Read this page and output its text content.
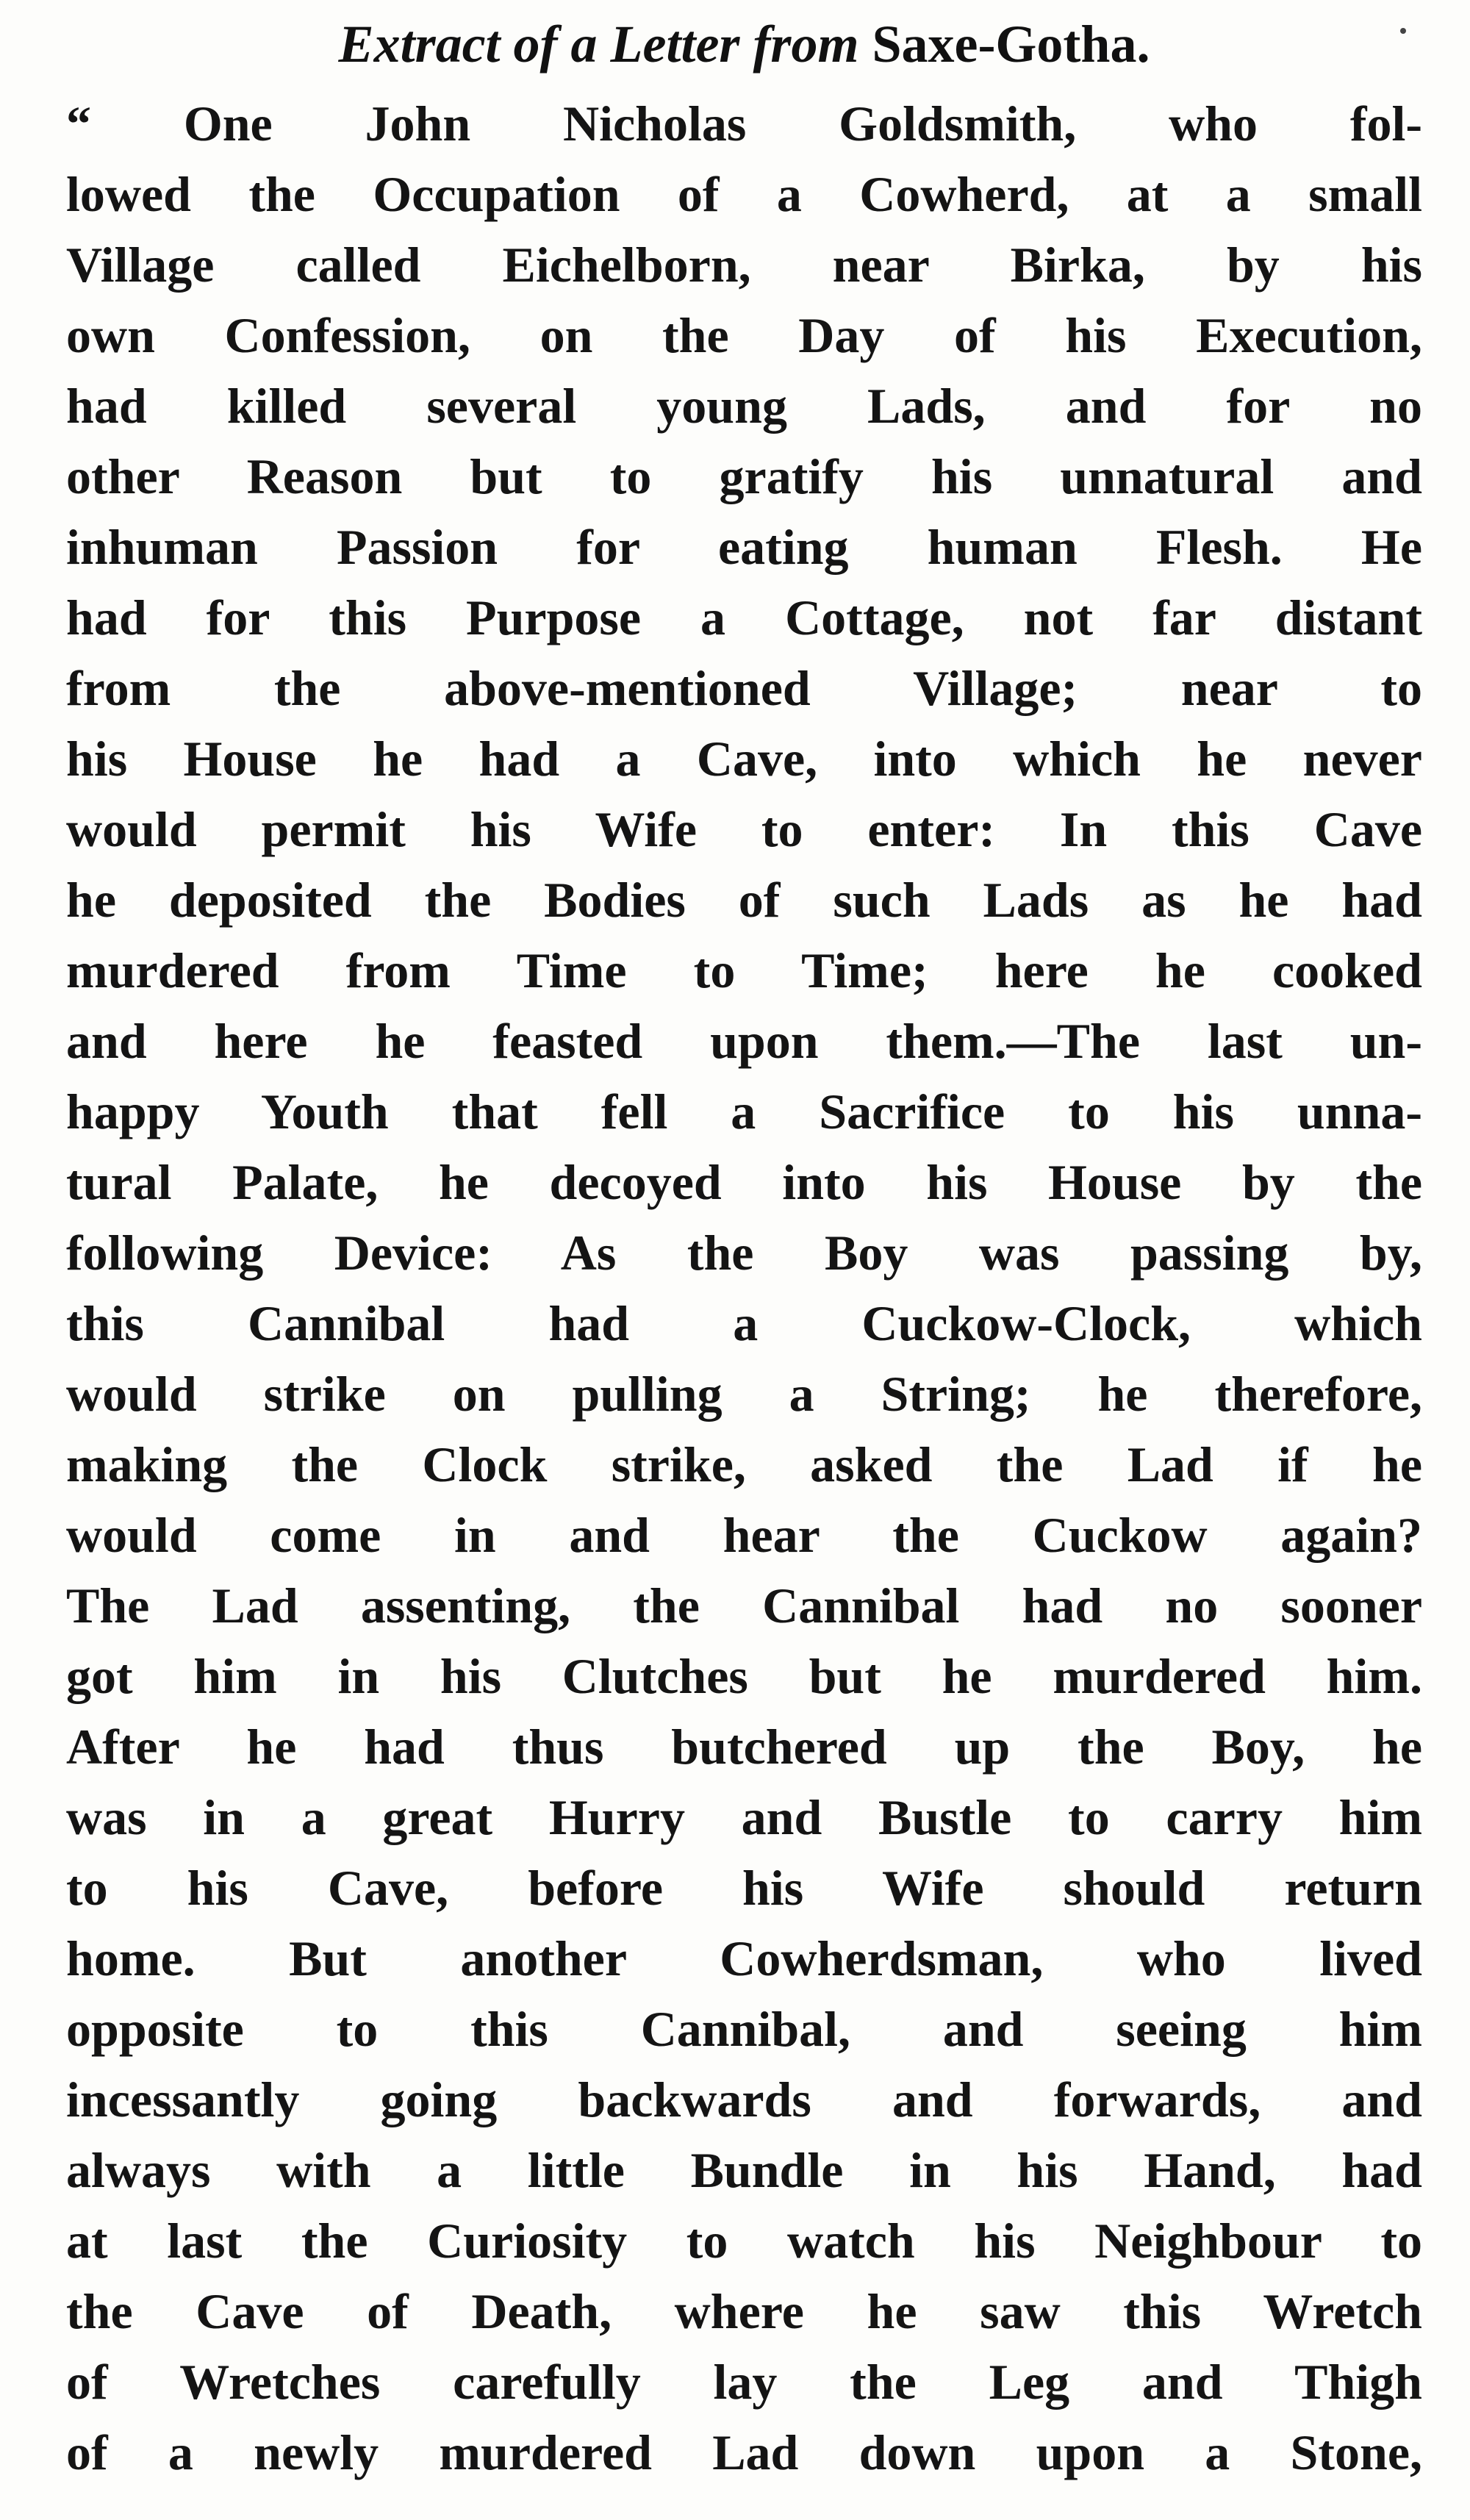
Extract of a Letter from Saxe-Gotha.
“ One John Nicholas Goldsmith, who fol-
lowed the Occupation of a Cowherd, at a small
Village called Eichelborn, near Birka, by his
own Confession, on the Day of his Execution,
had killed several young Lads, and for no
other Reason but to gratify his unnatural and
inhuman Passion for eating human Flesh. He
had for this Purpose a Cottage, not far distant
from the above-mentioned Village; near to
his House he had a Cave, into which he never
would permit his Wife to enter: In this Cave
he deposited the Bodies of such Lads as he had
murdered from Time to Time; here he cooked
and here he feasted upon them.—The last un-
happy Youth that fell a Sacrifice to his unna-
tural Palate, he decoyed into his House by the
following Device: As the Boy was passing by,
this Cannibal had a Cuckow-Clock, which
would strike on pulling a String; he therefore,
making the Clock strike, asked the Lad if he
would come in and hear the Cuckow again?
The Lad assenting, the Cannibal had no sooner
got him in his Clutches but he murdered him.
After he had thus butchered up the Boy, he
was in a great Hurry and Bustle to carry him
to his Cave, before his Wife should return
home. But another Cowherdsman, who lived
opposite to this Cannibal, and seeing him
incessantly going backwards and forwards, and
always with a little Bundle in his Hand, had
at last the Curiosity to watch his Neighbour to
the Cave of Death, where he saw this Wretch
of Wretches carefully lay the Leg and Thigh
of a newly murdered Lad down upon a Stone,
